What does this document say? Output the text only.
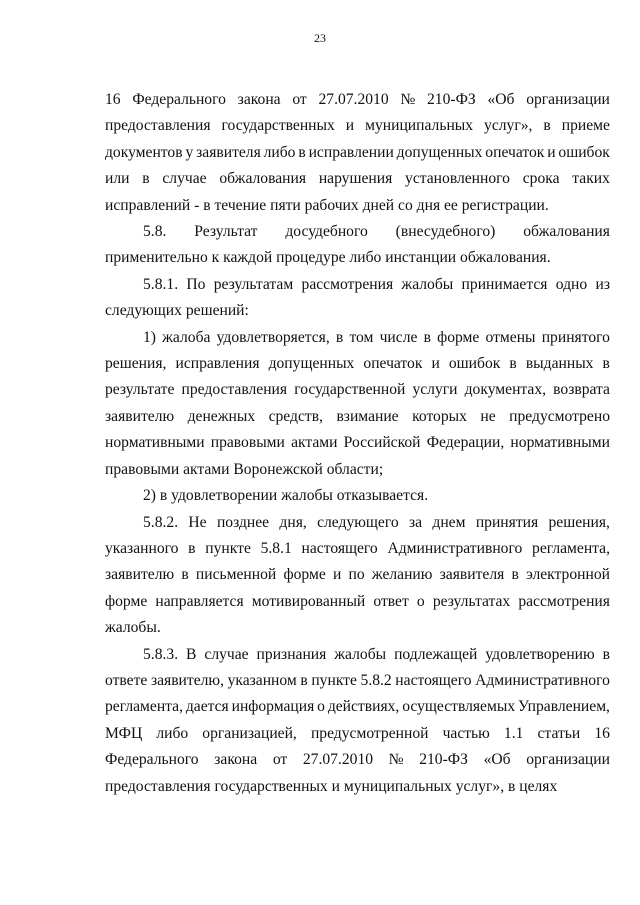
23
16 Федерального закона от 27.07.2010 № 210-ФЗ «Об организации
предоставления государственных и муниципальных услуг», в приеме
документов у заявителя либо в исправлении допущенных опечаток и ошибок
или в случае обжалования нарушения установленного срока таких
исправлений - в течение пяти рабочих дней со дня ее регистрации.
5.8. Результат досудебного (внесудебного) обжалования
применительно к каждой процедуре либо инстанции обжалования.
5.8.1. По результатам рассмотрения жалобы принимается одно из
следующих решений:
1) жалоба удовлетворяется, в том числе в форме отмены принятого
решения, исправления допущенных опечаток и ошибок в выданных в
результате предоставления государственной услуги документах, возврата
заявителю денежных средств, взимание которых не предусмотрено
нормативными правовыми актами Российской Федерации, нормативными
правовыми актами Воронежской области;
2) в удовлетворении жалобы отказывается.
5.8.2. Не позднее дня, следующего за днем принятия решения,
указанного в пункте 5.8.1 настоящего Административного регламента,
заявителю в письменной форме и по желанию заявителя в электронной
форме направляется мотивированный ответ о результатах рассмотрения
жалобы.
5.8.3. В случае признания жалобы подлежащей удовлетворению в
ответе заявителю, указанном в пункте 5.8.2 настоящего Административного
регламента, дается информация о действиях, осуществляемых Управлением,
МФЦ либо организацией, предусмотренной частью 1.1 статьи 16
Федерального закона от 27.07.2010 № 210-ФЗ «Об организации
предоставления государственных и муниципальных услуг», в целях
